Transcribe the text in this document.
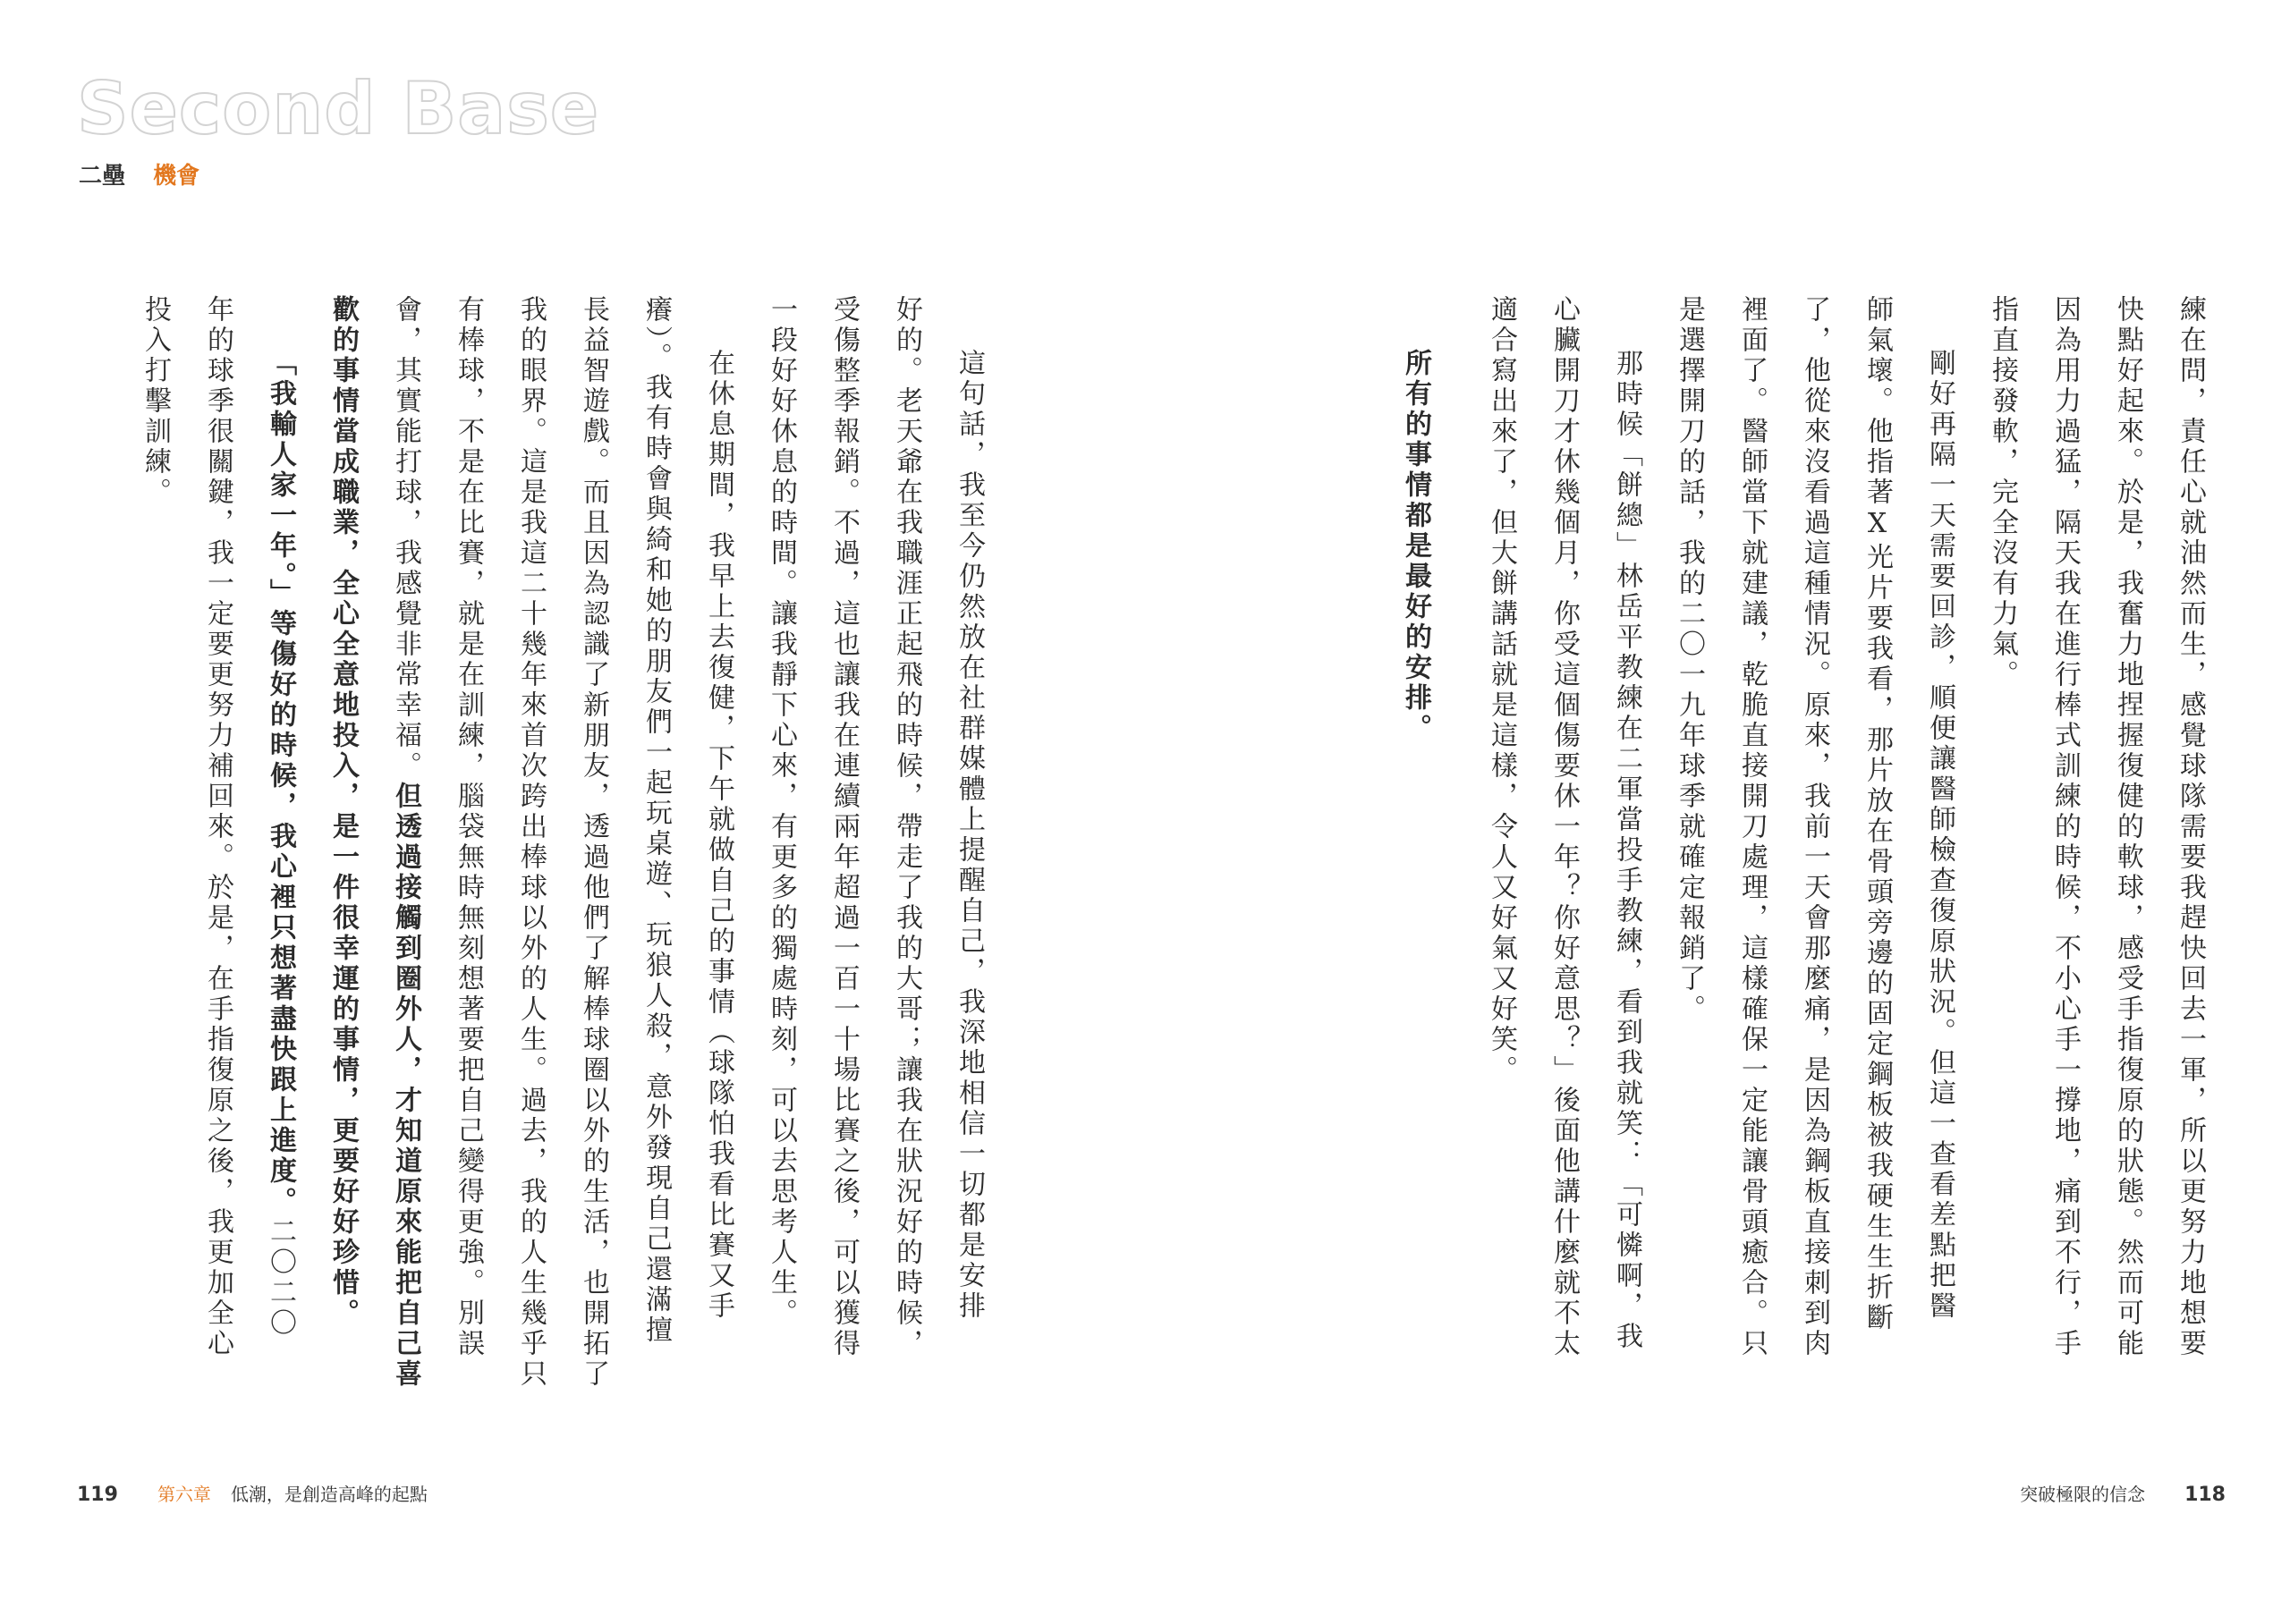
Second Base
二壘 機會
這句話，我至今仍然放在社群媒體上提醒自己，我深地相信一切都是安排
好的。老天爺在我職涯正起飛的時候，帶走了我的大哥；讓我在狀況好的時候，
受傷整季報銷。不過，這也讓我在連續兩年超過一百一十場比賽之後，可以獲得
一段好好休息的時間。讓我靜下心來，有更多的獨處時刻，可以去思考人生。
在休息期間，我早上去復健，下午就做自己的事情（球隊怕我看比賽又手
癢）。我有時會與綺和她的朋友們一起玩桌遊、玩狼人殺，意外發現自己還滿擅
長益智遊戲。而且因為認識了新朋友，透過他們了解棒球圈以外的生活，也開拓了
我的眼界。這是我這二十幾年來首次跨出棒球以外的人生。過去，我的人生幾乎只
有棒球，不是在比賽，就是在訓練，腦袋無時無刻想著要把自己變得更強。別誤
會，其實能打球，我感覺非常幸福。但透過接觸到圈外人，才知道原來能把自己喜
歡的事情當成職業，全心全意地投入，是一件很幸運的事情，更要好好珍惜。
「我輸人家一年。」等傷好的時候，我心裡只想著盡快跟上進度。二〇二〇
年的球季很關鍵，我一定要更努力補回來。於是，在手指復原之後，我更加全心
投入打擊訓練。
119 第六章 低潮，是創造高峰的起點
練在問，責任心就油然而生，感覺球隊需要我趕快回去一軍，所以更努力地想要
快點好起來。於是，我奮力地捏握復健的軟球，感受手指復原的狀態。然而可能
因為用力過猛，隔天我在進行棒式訓練的時候，不小心手一撐地，痛到不行，手
指直接發軟，完全沒有力氣。
剛好再隔一天需要回診，順便讓醫師檢查復原狀況。但這一查看差點把醫
師氣壞。他指著X光片要我看，那片放在骨頭旁邊的固定鋼板被我硬生生折斷
了，他從來沒看過這種情況。原來，我前一天會那麼痛，是因為鋼板直接刺到肉
裡面了。醫師當下就建議，乾脆直接開刀處理，這樣確保一定能讓骨頭癒合。只
是選擇開刀的話，我的二〇一九年球季就確定報銷了。
那時候「餅總」林岳平教練在二軍當投手教練，看到我就笑：「可憐啊，我
心臟開刀才休幾個月，你受這個傷要休一年？你好意思？」後面他講什麼就不太
適合寫出來了，但大餅講話就是這樣，令人又好氣又好笑。
所有的事情都是最好的安排。
突破極限的信念 118
